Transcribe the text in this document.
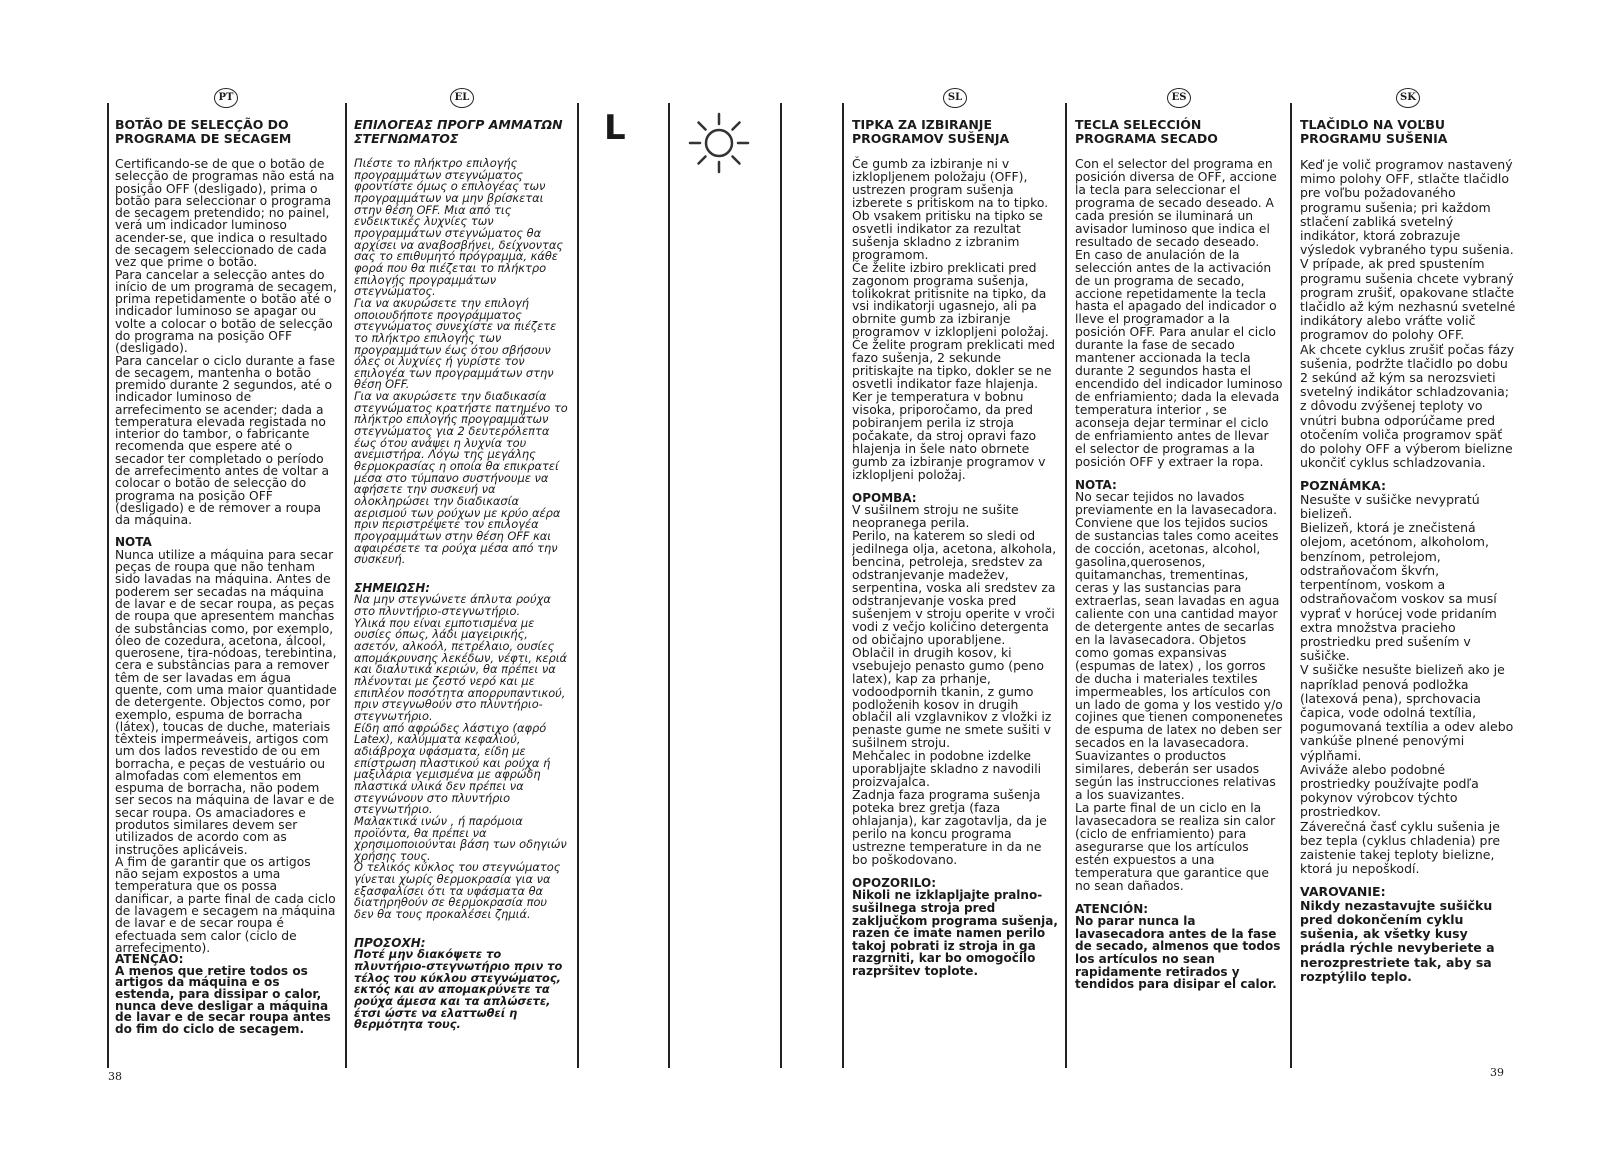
PT

BOTÃO DE SELECÇÃO DO PROGRAMA DE SECAGEM

Certificando-se de que o botão de selecção de programas não está na posição OFF (desligado), prima o botão para seleccionar o programa de secagem pretendido; no painel, verá um indicador luminoso acender-se, que indica o resultado de secagem seleccionado de cada vez que prime o botão.
Para cancelar a selecção antes do início de um programa de secagem, prima repetidamente o botão até o indicador luminoso se apagar ou volte a colocar o botão de selecção do programa na posição OFF (desligado).
Para cancelar o ciclo durante a fase de secagem, mantenha o botão premido durante 2 segundos, até o indicador luminoso de arrefecimento se acender; dada a temperatura elevada registada no interior do tambor, o fabricante recomenda que espere até o secador ter completado o período de arrefecimento antes de voltar a colocar o botão de selecção do programa na posição OFF (desligado) e de remover a roupa da máquina.

NOTA

Nunca utilize a máquina para secar peças de roupa que não tenham sido lavadas na máquina. Antes de poderem ser secadas na máquina de lavar e de secar roupa, as peças de roupa que apresentem manchas de substâncias como, por exemplo, óleo de cozedura, acetona, álcool, querosene, tira-nódoas, terebintina, cera e substâncias para a remover têm de ser lavadas em água quente, com uma maior quantidade de detergente. Objectos como, por exemplo, espuma de borracha (látex), toucas de duche, materiais têxteis impermeáveis, artigos com um dos lados revestido de ou em borracha, e peças de vestuário ou almofadas com elementos em espuma de borracha, não podem ser secos na máquina de lavar e de secar roupa. Os amaciadores e produtos similares devem ser utilizados de acordo com as instruções aplicáveis.
A fim de garantir que os artigos não sejam expostos a uma temperatura que os possa danificar, a parte final de cada ciclo de lavagem e secagem na máquina de lavar e de secar roupa é efectuada sem calor (ciclo de arrefecimento).

ATENÇÃO:

A menos que retire todos os artigos da máquina e os estenda, para dissipar o calor, nunca deve desligar a máquina de lavar e de secar roupa antes do fim do ciclo de secagem.

EL

ΕΠΙΛΟΓΕΑΣ ΠΡΟΓΡ ΑΜΜΑΤΩΝ ΣΤΕΓΝΩΜΑΤΟΣ

Πιέστε το πλήκτρο επιλογής προγραμμάτων στεγνώματος φροντίστε όμως ο επιλογέας των προγραμμάτων να μην βρίσκεται στην θέση OFF. Μια από τις ενδεικτικές λυχνίες των προγραμμάτων στεγνώματος θα αρχίσει να αναβοσβήνει, δείχνοντας σας το επιθυμητό πρόγραμμα, κάθε φορά που θα πιέζεται το πλήκτρο επιλογής προγραμμάτων στεγνώματος.
Για να ακυρώσετε την επιλογή οποιουδήποτε προγράμματος στεγνώματος συνεχίστε να πιέζετε το πλήκτρο επιλογής των προγραμμάτων έως ότου σβήσουν όλες οι λυχνίες ή γυρίστε τον επιλογέα των προγραμμάτων στην θέση OFF.
Για να ακυρώσετε την διαδικασία στεγνώματος κρατήστε πατημένο το πλήκτρο επιλογής προγραμμάτων στεγνώματος για 2 δευτερόλεπτα έως ότου ανάψει η λυχνία του ανεμιστήρα. Λόγω της μεγάλης θερμοκρασίας η οποία θα επικρατεί μέσα στο τύμπανο συστήνουμε να αφήσετε την συσκευή να ολοκληρώσει την διαδικασία αερισμού των ρούχων με κρύο αέρα πριν περιστρέψετε τον επιλογέα προγραμμάτων στην θέση OFF και αφαιρέσετε τα ρούχα μέσα από την συσκευή.

ΣΗΜΕΙΩΣΗ:

Να μην στεγνώνετε άπλυτα ρούχα στο πλυντήριο-στεγνωτήριο.
Υλικά που είναι εμποτισμένα με ουσίες όπως, λάδι μαγειρικής, ασετόν, αλκοόλ, πετρέλαιο, ουσίες απομάκρυνσης λεκέδων, νέφτι, κεριά και διαλυτικά κεριών, θα πρέπει να πλένονται με ζεστό νερό και με επιπλέον ποσότητα απορρυπαντικού, πριν στεγνωθούν στο πλυντήριο-στεγνωτήριο.
Είδη από αφρώδες λάστιχο (αφρό Latex), καλύμματα κεφαλιού, αδιάβροχα υφάσματα, είδη με επίστρωση πλαστικού και ρούχα ή μαξιλάρια γεμισμένα με αφρώδη πλαστικά υλικά δεν πρέπει να στεγνώνουν στο πλυντήριο στεγνωτήριο.
Μαλακτικά ινών , ή παρόμοια προϊόντα, θα πρέπει να χρησιμοποιούνται βάση των οδηγιών χρήσης τους.
Ο τελικός κύκλος του στεγνώματος γίνεται χωρίς θερμοκρασία για να εξασφαλίσει ότι τα υφάσματα θα διατηρηθούν σε θερμοκρασία που δεν θα τους προκαλέσει ζημιά.

ΠΡΟΣΟΧΗ:

Ποτέ μην διακόψετε το πλυντήριο-στεγνωτήριο πριν το τέλος του κύκλου στεγνώματος, εκτός και αν απομακρύνετε τα ρούχα άμεσα και τα απλώσετε, έτσι ώστε να ελαττωθεί η θερμότητα τους.

L
SL

TIPKA ZA IZBIRANJE PROGRAMOV SUŠENJA

Če gumb za izbiranje ni v izklopljenem položaju (OFF), ustrezen program sušenja izberete s pritiskom na to tipko. Ob vsakem pritisku na tipko se osvetli indikator za rezultat sušenja skladno z izbranim programom.
Če želite izbiro preklicati pred zagonom programa sušenja, tolikokrat pritisnite na tipko, da vsi indikatorji ugasnejo, ali pa obrnite gumb za izbiranje programov v izklopljeni položaj.
Če želite program preklicati med fazo sušenja, 2 sekunde pritiskajte na tipko, dokler se ne osvetli indikator faze hlajenja. Ker je temperatura v bobnu visoka, priporočamo, da pred pobiranjem perila iz stroja počakate, da stroj opravi fazo hlajenja in šele nato obrnete gumb za izbiranje programov v izklopljeni položaj.

OPOMBA:

V sušilnem stroju ne sušite neopranega perila.
Perilo, na katerem so sledi od jedilnega olja, acetona, alkohola, bencina, petroleja, sredstev za odstranjevanje madežev, serpentina, voska ali sredstev za odstranjevanje voska pred sušenjem v stroju operite v vroči vodi z večjo količino detergenta od običajno uporabljene.
Oblačil in drugih kosov, ki vsebujejo penasto gumo (peno latex), kap za prhanje, vodoodpornih tkanin, z gumo podloženih kosov in drugih oblačil ali vzglavnikov z vložki iz penaste gume ne smete sušiti v sušilnem stroju.
Mehčalec in podobne izdelke uporabljajte skladno z navodili proizvajalca.
Zadnja faza programa sušenja poteka brez gretja (faza ohlajanja), kar zagotavlja, da je perilo na koncu programa ustrezne temperature in da ne bo poškodovano.

OPOZORILO:

Nikoli ne izklapljajte pralno-sušilnega stroja pred zaključkom programa sušenja, razen če imate namen perilo takoj pobrati iz stroja in ga razgrniti, kar bo omogočilo razpršitev toplote.

ES

TECLA SELECCIÓN PROGRAMA SECADO

Con el selector del programa en posición diversa de OFF, accione la tecla para seleccionar el programa de secado deseado. A cada presión se iluminará un avisador luminoso que indica el resultado de secado deseado.
En caso de anulación de la selección antes de la activación de un programa de secado, accione repetidamente la tecla hasta el apagado del indicador o lleve el programador a la posición OFF. Para anular el ciclo durante la fase de secado mantener accionada la tecla durante 2 segundos hasta el encendido del indicador luminoso de enfriamiento; dada la elevada temperatura interior , se aconseja dejar terminar el ciclo de enfriamiento antes de llevar el selector de programas a la posición OFF y extraer la ropa.

NOTA:

No secar tejidos no lavados previamente en la lavasecadora.
Conviene que los tejidos sucios de sustancias tales como aceites de cocción, acetonas, alcohol, gasolina,querosenos, quitamanchas, trementinas, ceras y las sustancias para extraerlas, sean lavadas en agua caliente con una cantidad mayor de detergente antes de secarlas en la lavasecadora. Objetos como gomas expansivas (espumas de latex) , los gorros de ducha i materiales textiles impermeables, los artículos con un lado de goma y los vestido y/o cojines que tienen componenetes de espuma de latex no deben ser secados en la lavasecadora. Suavizantes o productos similares, deberán ser usados según las instrucciones relativas a los suavizantes.
La parte final de un ciclo en la lavasecadora se realiza sin calor (ciclo de enfriamiento) para asegurarse que los artículos estén expuestos a una temperatura que garantice que no sean dañados.

ATENCIÓN:

No parar nunca la lavasecadora antes de la fase de secado, almenos que todos los artículos no sean rapidamente retirados y tendidos para disipar el calor.

SK

TLAČIDLO NA VOĽBU PROGRAMU SUŠENIA

Keď je volič programov nastavený mimo polohy OFF, stlačte tlačidlo pre voľbu požadovaného programu sušenia; pri každom stlačení zabliká svetelný indikátor, ktorá zobrazuje výsledok vybraného typu sušenia.
V prípade, ak pred spustením programu sušenia chcete vybraný program zrušiť, opakovane stlačte tlačidlo až kým nezhasnú svetelné indikátory alebo vráťte volič programov do polohy OFF.
Ak chcete cyklus zrušiť počas fázy sušenia, podržte tlačidlo po dobu 2 sekúnd až kým sa nerozsvieti svetelný indikátor schladzovania; z dôvodu zvýšenej teploty vo vnútri bubna odporúčame pred otočením voliča programov späť do polohy OFF a výberom bielizne ukončiť cyklus schladzovania.

POZNÁMKA:

Nesušte v sušičke nevypratú bielizeň.
Bielizeň, ktorá je znečistená olejom, acetónom, alkoholom, benzínom, petrolejom, odstraňovačom škvŕn, terpentínom, voskom a odstraňovačom voskov sa musí vyprať v horúcej vode pridaním extra množstva pracieho prostriedku pred sušením v sušičke.
V sušičke nesušte bielizeň ako je napríklad penová podložka (latexová pena), sprchovacia čapica, vode odolná textília, pogumovaná textília a odev alebo vankúše plnené penovými výplňami.
Aviváže alebo podobné prostriedky používajte podľa pokynov výrobcov týchto prostriedkov.
Záverečná časť cyklu sušenia je bez tepla (cyklus chladenia) pre zaistenie takej teploty bielizne, ktorá ju nepoškodí.

VAROVANIE:

Nikdy nezastavujte sušičku pred dokončením cyklu sušenia, ak všetky kusy prádla rýchle nevyberiete a nerozprestriete tak, aby sa rozptýlilo teplo.

38	39
